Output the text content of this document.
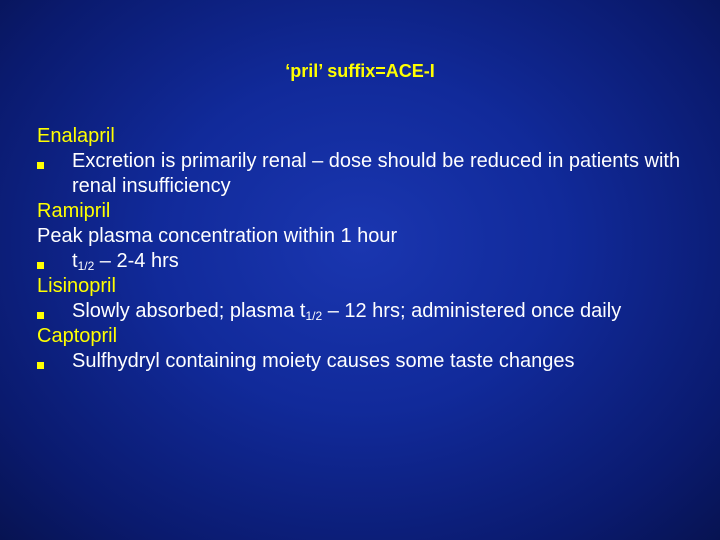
‘pril’ suffix=ACE-I
Enalapril
Excretion is primarily renal – dose should be reduced in patients with renal insufficiency
Ramipril
Peak plasma concentration within 1 hour
$t_{1/2} - 2-4$ hrs
Lisinopril
Slowly absorbed; plasma $t_{1/2} - 12$ hrs; administered once daily
Captopril
Sulfhydryl containing moiety causes some taste changes
